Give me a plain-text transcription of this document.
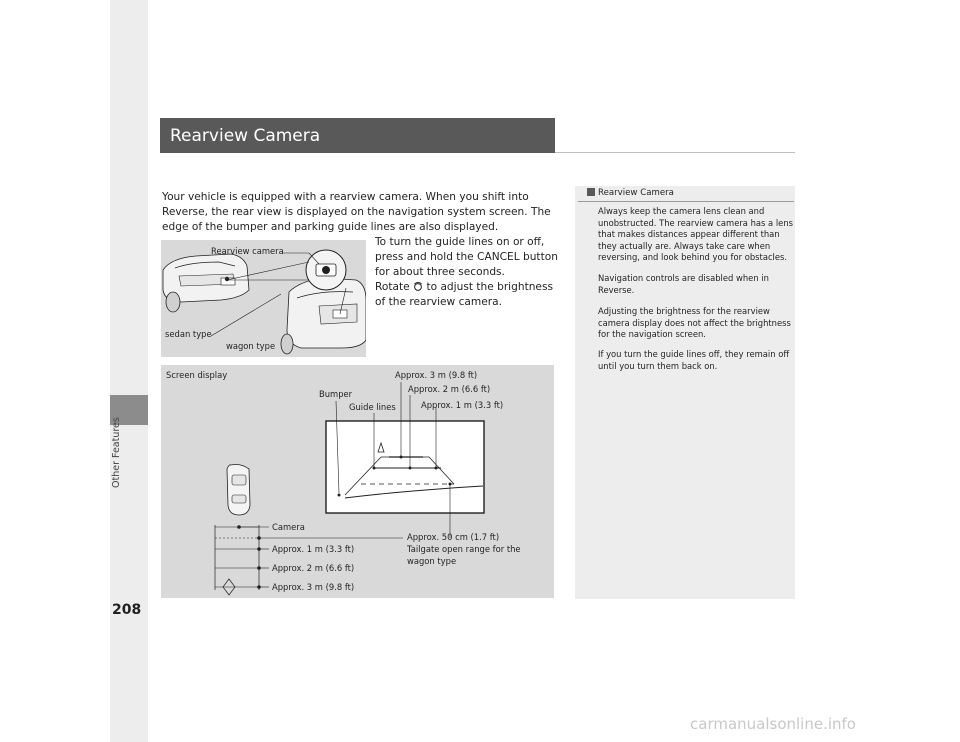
Other Features
208
Rearview Camera
Your vehicle is equipped with a rearview camera. When you shift into Reverse, the rear view is displayed on the navigation system screen. The edge of the bumper and parking guide lines are also displayed.
To turn the guide lines on or off, press and hold the CANCEL button for about three seconds.
Rotate to adjust the brightness of the rearview camera.
Rearview camera
sedan type
wagon type
Screen display
Bumper
Guide lines
Approx. 3 m (9.8 ft)
Approx. 2 m (6.6 ft)
Approx. 1 m (3.3 ft)
Camera
Approx. 1 m (3.3 ft)
Approx. 2 m (6.6 ft)
Approx. 3 m (9.8 ft)
Approx. 50 cm (1.7 ft)
Tailgate open range for the
wagon type
Rearview Camera
Always keep the camera lens clean and unobstructed. The rearview camera has a lens that makes distances appear different than they actually are. Always take care when reversing, and look behind you for obstacles.
Navigation controls are disabled when in Reverse.
Adjusting the brightness for the rearview camera display does not affect the brightness for the navigation screen.
If you turn the guide lines off, they remain off until you turn them back on.
carmanualsonline.info
